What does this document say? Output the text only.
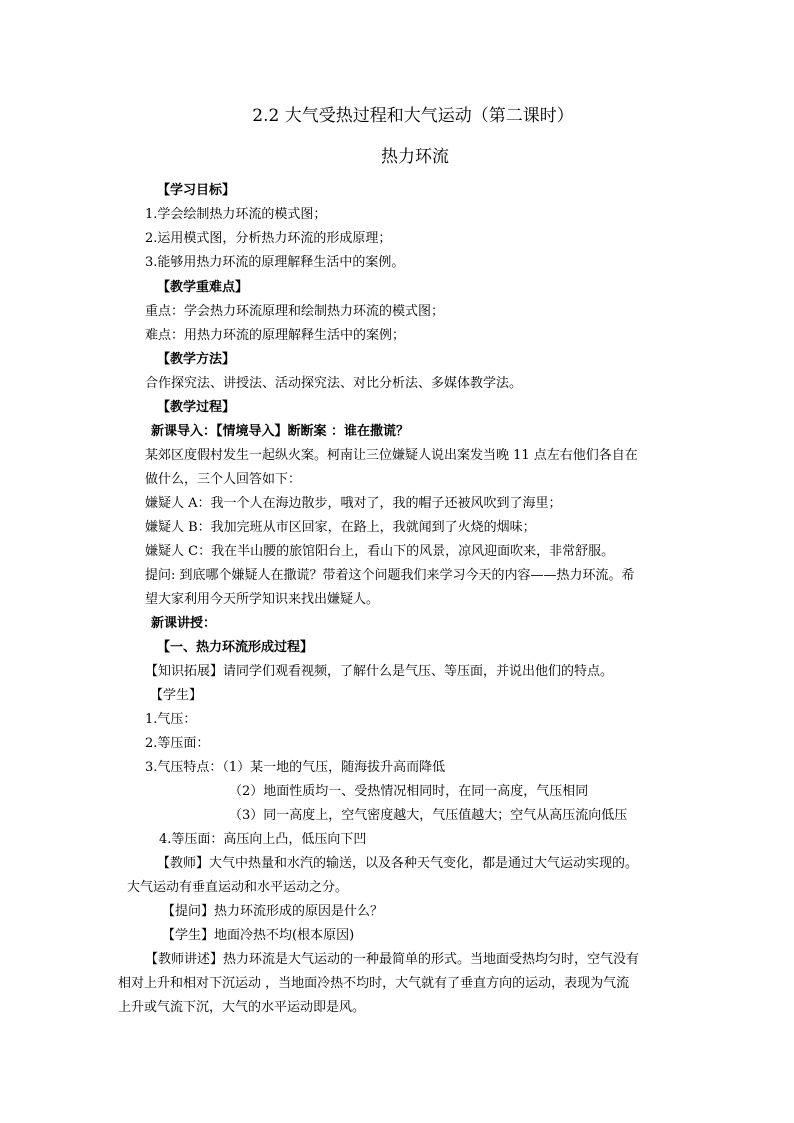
2.2 大气受热过程和大气运动（第二课时）
热力环流
【学习目标】
1.学会绘制热力环流的模式图；
2.运用模式图，分析热力环流的形成原理；
3.能够用热力环流的原理解释生活中的案例。
【教学重难点】
重点：学会热力环流原理和绘制热力环流的模式图；
难点：用热力环流的原理解释生活中的案例；
【教学方法】
合作探究法、讲授法、活动探究法、对比分析法、多媒体教学法。
【教学过程】
新课导入：【情境导入】断断案 ：谁在撒谎？
某郊区度假村发生一起纵火案。柯南让三位嫌疑人说出案发当晚 11 点左右他们各自在
做什么，三个人回答如下：
嫌疑人 A：我一个人在海边散步，哦对了，我的帽子还被风吹到了海里；
嫌疑人 B：我加完班从市区回家，在路上，我就闻到了火烧的烟味；
嫌疑人 C：我在半山腰的旅馆阳台上，看山下的风景，凉风迎面吹来，非常舒服。
提问: 到底哪个嫌疑人在撒谎？带着这个问题我们来学习今天的内容——热力环流。希
望大家利用今天所学知识来找出嫌疑人。
新课讲授：
【一、热力环流形成过程】
【知识拓展】请同学们观看视频，了解什么是气压、等压面，并说出他们的特点。
【学生】
1.气压：
2.等压面：
3.气压特点：（1）某一地的气压，随海拔升高而降低
（2）地面性质均一、受热情况相同时，在同一高度，气压相同
（3）同一高度上，空气密度越大，气压值越大；空气从高压流向低压
4.等压面：高压向上凸，低压向下凹
【教师】大气中热量和水汽的输送，以及各种天气变化，都是通过大气运动实现的。
大气运动有垂直运动和水平运动之分。
【提问】热力环流形成的原因是什么？
【学生】地面冷热不均(根本原因)
【教师讲述】热力环流是大气运动的一种最简单的形式。当地面受热均匀时，空气没有
相对上升和相对下沉运动 ，当地面冷热不均时，大气就有了垂直方向的运动，表现为气流
上升或气流下沉，大气的水平运动即是风。
